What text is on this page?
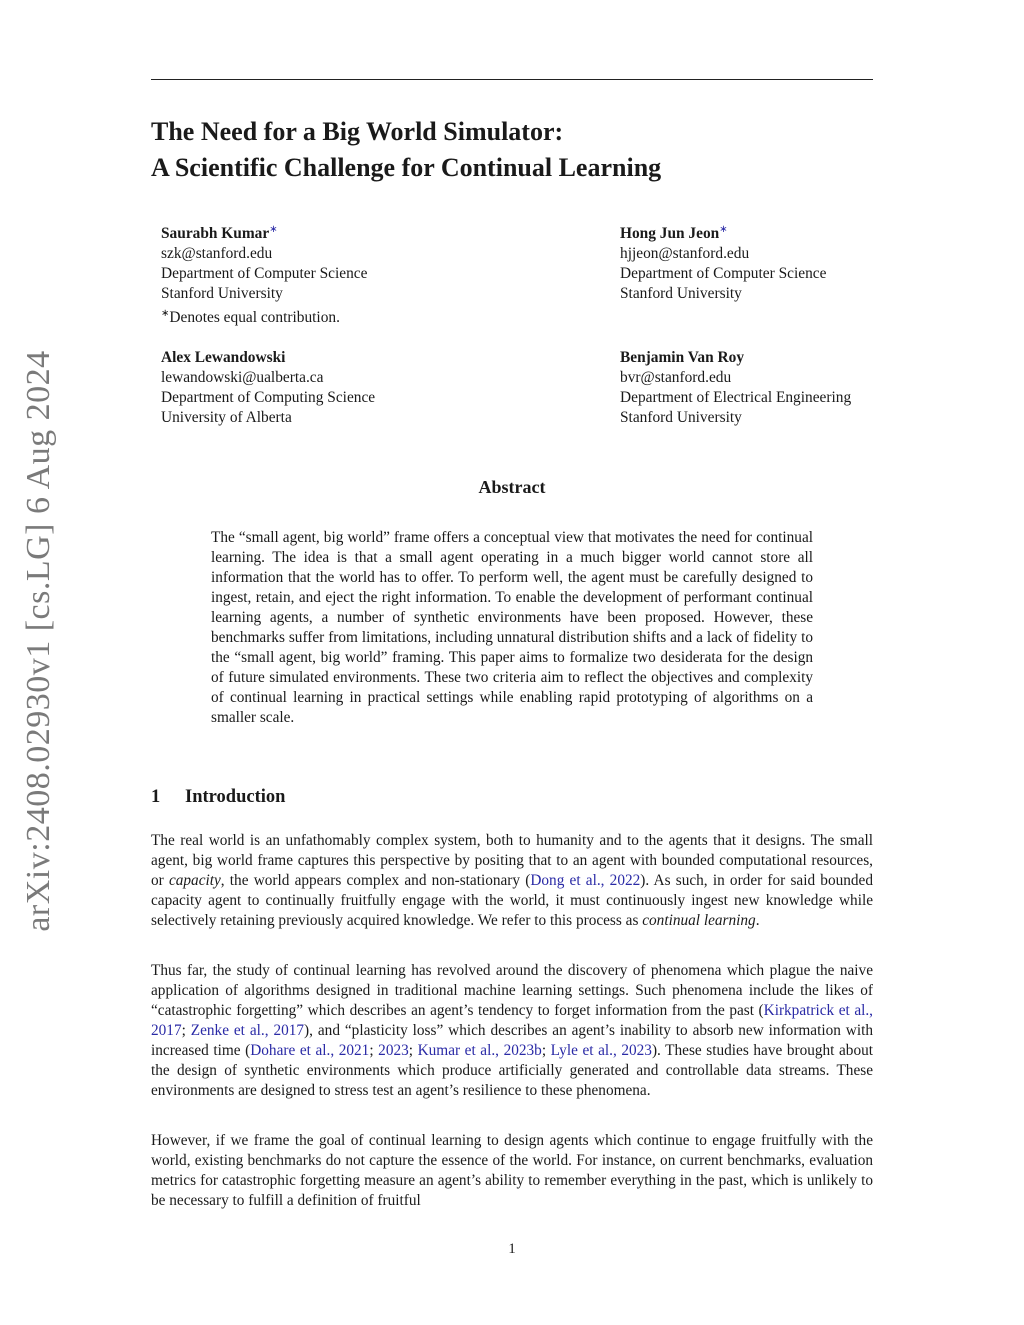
arXiv:2408.02930v1 [cs.LG] 6 Aug 2024
The Need for a Big World Simulator:
A Scientific Challenge for Continual Learning
Saurabh Kumar∗
szk@stanford.edu
Department of Computer Science
Stanford University
∗Denotes equal contribution.
Hong Jun Jeon∗
hjjeon@stanford.edu
Department of Computer Science
Stanford University
Alex Lewandowski
lewandowski@ualberta.ca
Department of Computing Science
University of Alberta
Benjamin Van Roy
bvr@stanford.edu
Department of Electrical Engineering
Stanford University
Abstract
The “small agent, big world” frame offers a conceptual view that motivates the need for continual learning. The idea is that a small agent operating in a much bigger world cannot store all information that the world has to offer. To perform well, the agent must be carefully designed to ingest, retain, and eject the right information. To enable the development of performant continual learning agents, a number of synthetic environments have been proposed. However, these benchmarks suffer from limitations, including unnatural distribution shifts and a lack of fidelity to the “small agent, big world” framing. This paper aims to formalize two desiderata for the design of future simulated environments. These two criteria aim to reflect the objectives and complexity of continual learning in practical settings while enabling rapid prototyping of algorithms on a smaller scale.
1 Introduction

The real world is an unfathomably complex system, both to humanity and to the agents that it designs. The small agent, big world frame captures this perspective by positing that to an agent with bounded computational resources, or capacity, the world appears complex and non-stationary (Dong et al., 2022). As such, in order for said bounded capacity agent to continually fruitfully engage with the world, it must continuously ingest new knowledge while selectively retaining previously acquired knowledge. We refer to this process as continual learning.

Thus far, the study of continual learning has revolved around the discovery of phenomena which plague the naive application of algorithms designed in traditional machine learning settings. Such phenomena include the likes of “catastrophic forgetting” which describes an agent’s tendency to forget information from the past (Kirkpatrick et al., 2017; Zenke et al., 2017), and “plasticity loss” which describes an agent’s inability to absorb new information with increased time (Dohare et al., 2021; 2023; Kumar et al., 2023b; Lyle et al., 2023). These studies have brought about the design of synthetic environments which produce artificially generated and controllable data streams. These environments are designed to stress test an agent’s resilience to these phenomena.

However, if we frame the goal of continual learning to design agents which continue to engage fruitfully with the world, existing benchmarks do not capture the essence of the world. For instance, on current benchmarks, evaluation metrics for catastrophic forgetting measure an agent’s ability to remember everything in the past, which is unlikely to be necessary to fulfill a definition of fruitful

1
